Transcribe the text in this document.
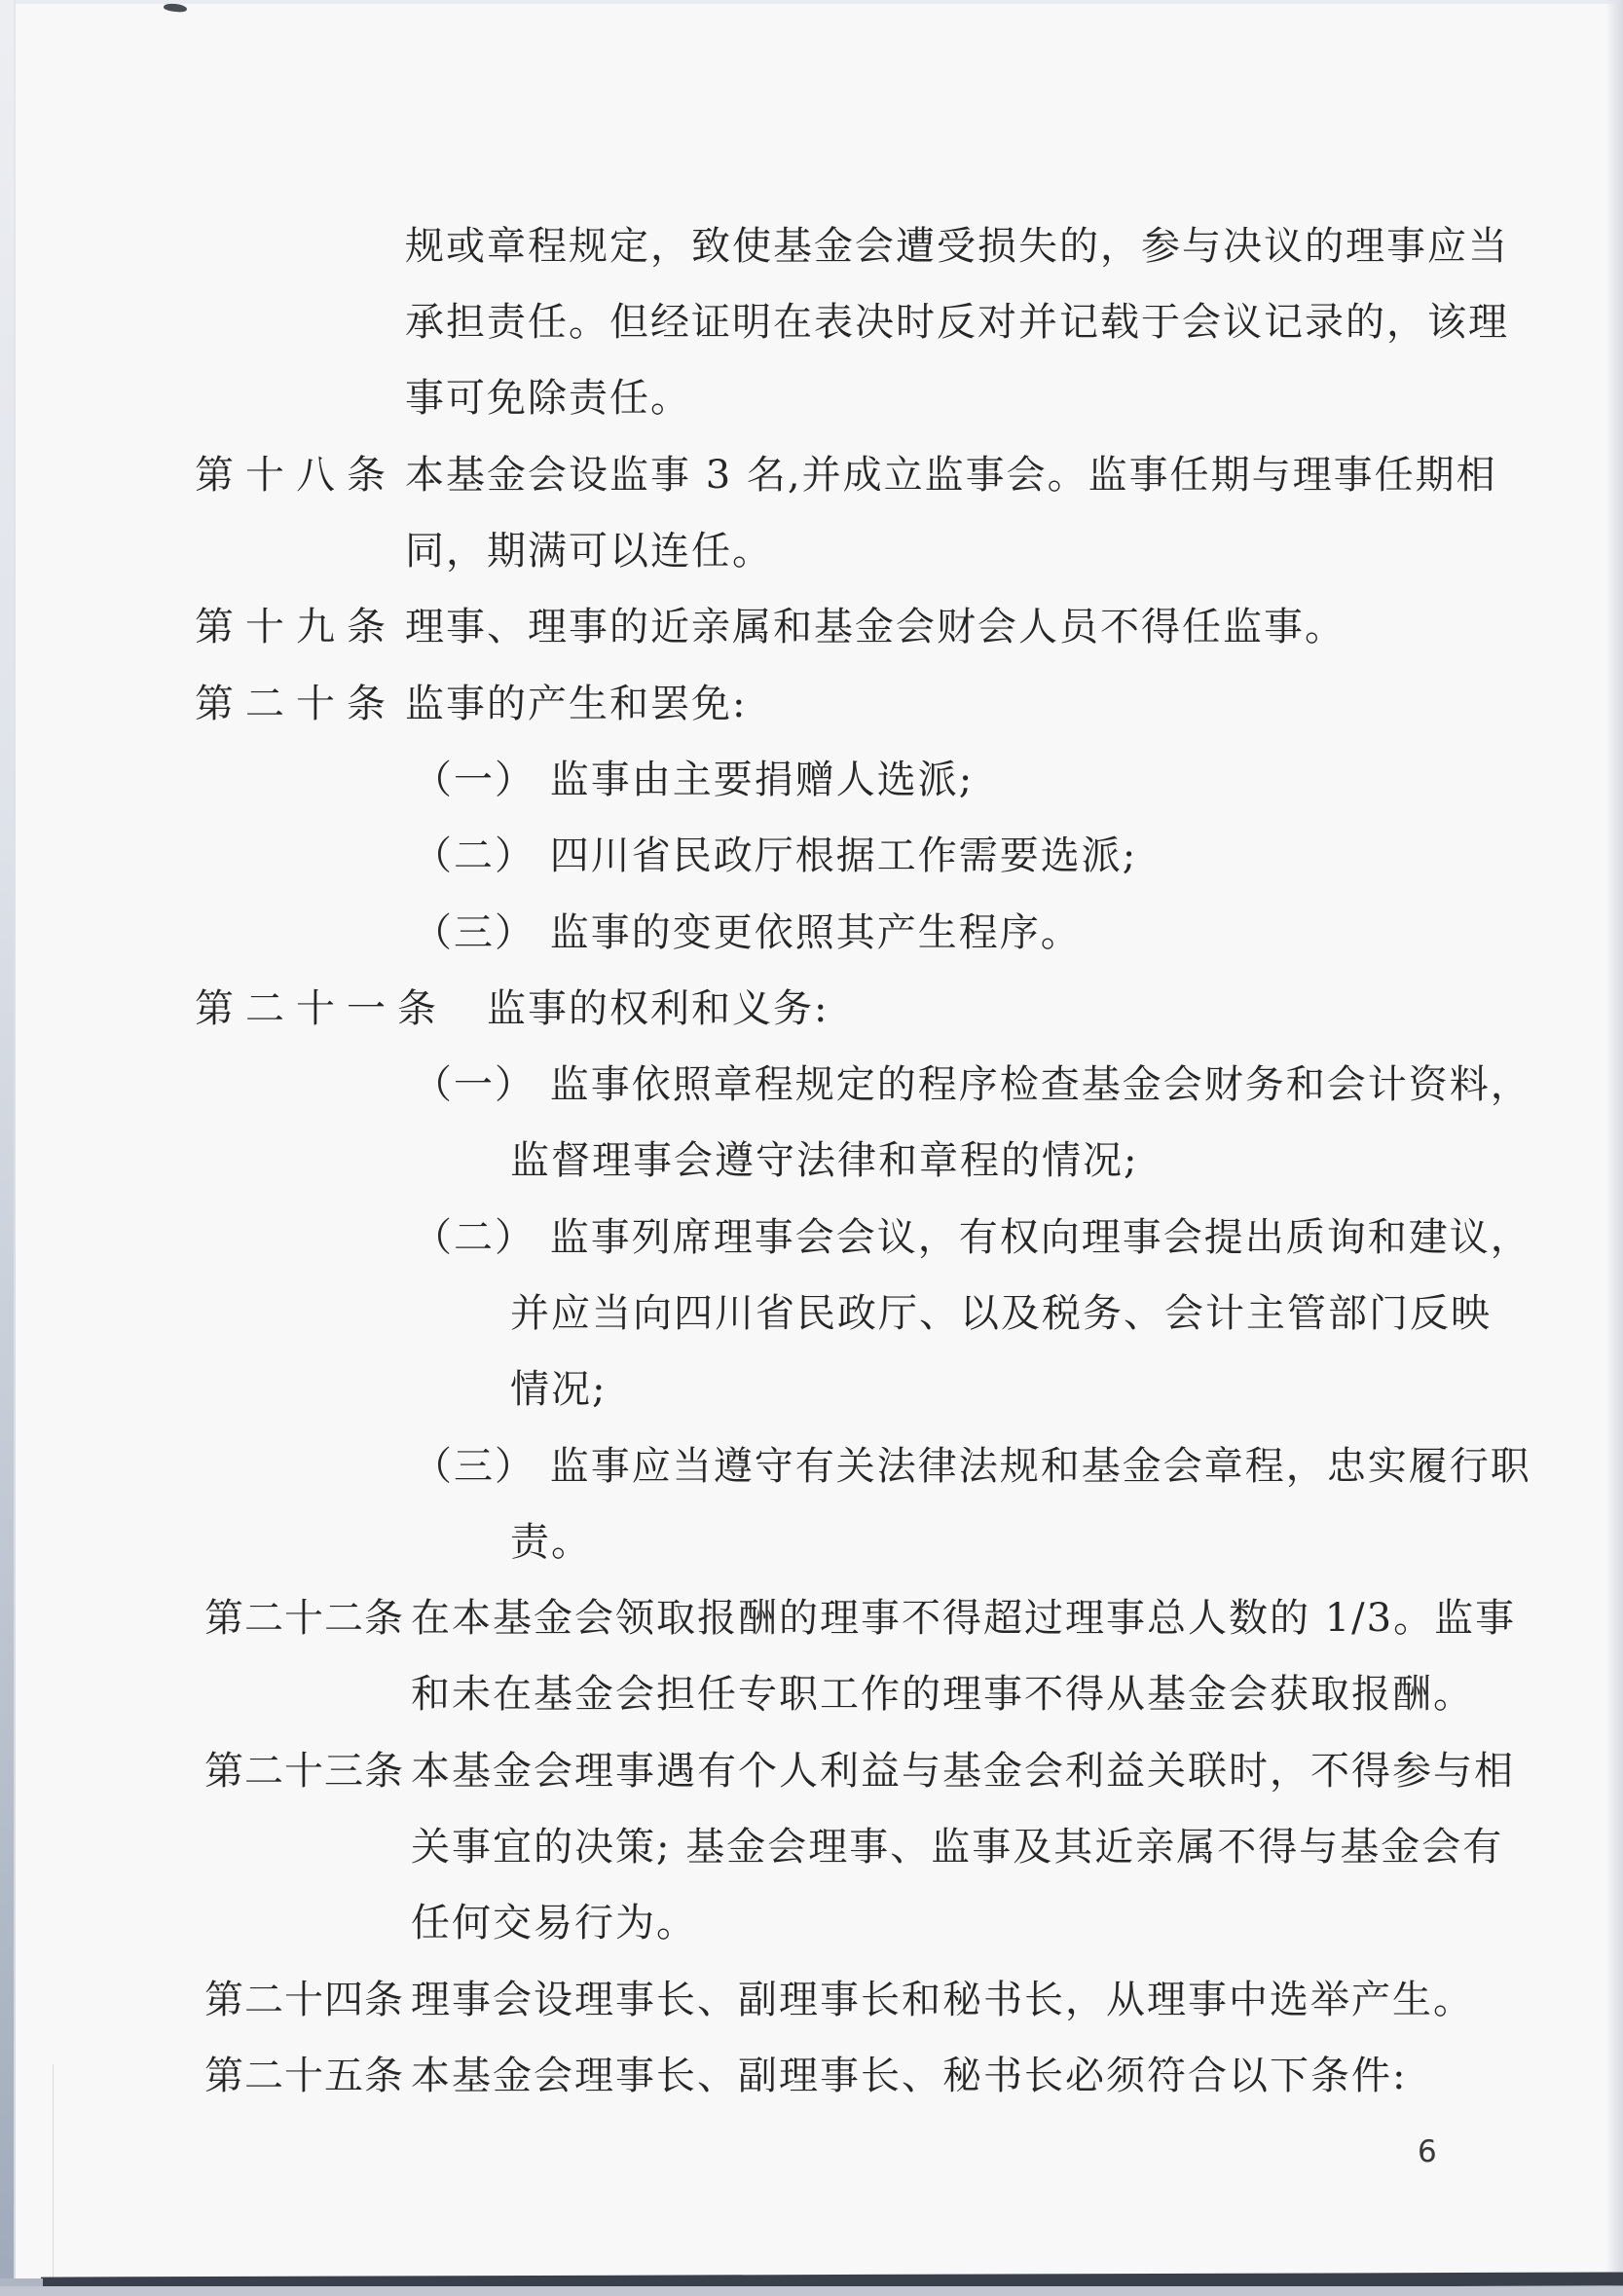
规或章程规定，致使基金会遭受损失的，参与决议的理事应当
承担责任。但经证明在表决时反对并记载于会议记录的，该理
事可免除责任。
第十八条 本基金会设监事 3 名,并成立监事会。监事任期与理事任期相
同，期满可以连任。
第十九条 理事、理事的近亲属和基金会财会人员不得任监事。
第二十条 监事的产生和罢免:
（一） 监事由主要捐赠人选派;
（二） 四川省民政厅根据工作需要选派;
（三） 监事的变更依照其产生程序。
第二十一条 监事的权利和义务:
（一） 监事依照章程规定的程序检查基金会财务和会计资料，
监督理事会遵守法律和章程的情况;
（二） 监事列席理事会会议，有权向理事会提出质询和建议，
并应当向四川省民政厅、以及税务、会计主管部门反映
情况;
（三） 监事应当遵守有关法律法规和基金会章程，忠实履行职
责。
第二十二条 在本基金会领取报酬的理事不得超过理事总人数的 1/3。监事
和未在基金会担任专职工作的理事不得从基金会获取报酬。
第二十三条 本基金会理事遇有个人利益与基金会利益关联时，不得参与相
关事宜的决策; 基金会理事、监事及其近亲属不得与基金会有
任何交易行为。
第二十四条 理事会设理事长、副理事长和秘书长，从理事中选举产生。
第二十五条 本基金会理事长、副理事长、秘书长必须符合以下条件:
6
